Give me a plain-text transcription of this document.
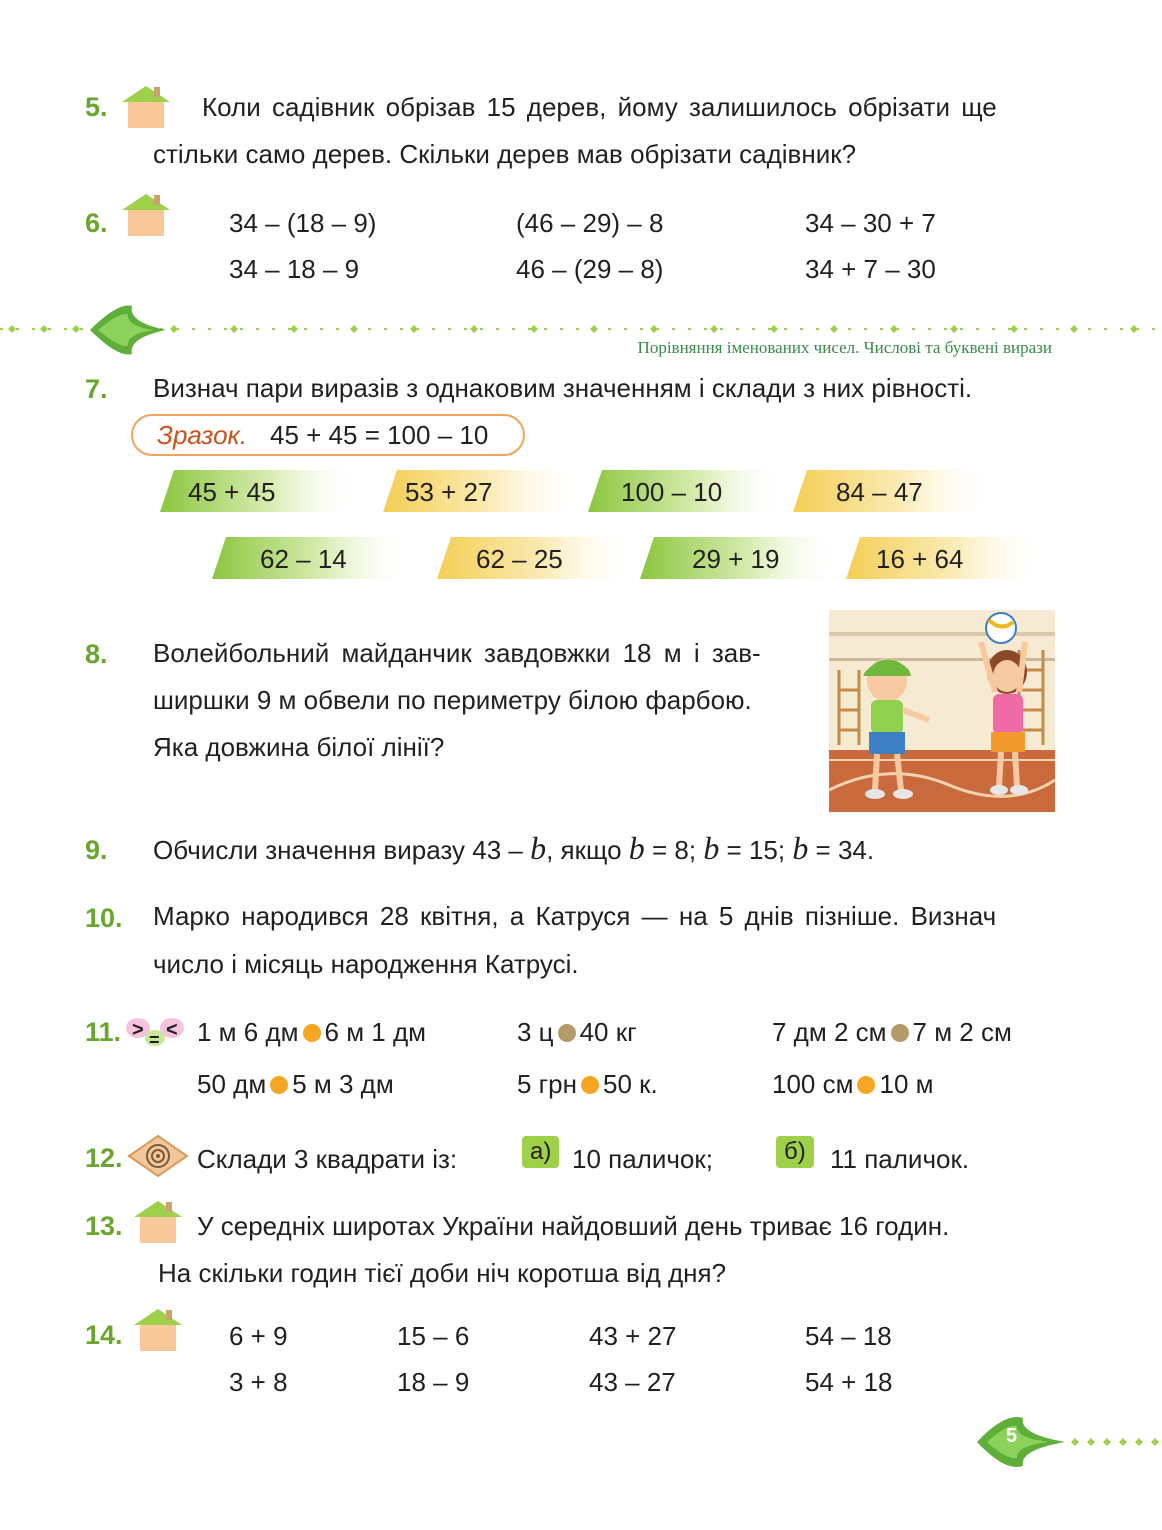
5.	Коли садівник обрізав 15 дерев, йому залишилось обрізати ще
стільки само дерев. Скільки дерев мав обрізати садівник?
6.	34 – (18 – 9)	(46 – 29) – 8	34 – 30 + 7
34 – 18 – 9	46 – (29 – 8)	34 + 7 – 30
Порівняння іменованих чисел. Числові та буквені вирази
7. Визнач пари виразів з однаковим значенням і склади з них рівності.
Зразок. 45 + 45 = 100 – 10
45 + 45	53 + 27	100 – 10	84 – 47
62 – 14	62 – 25	29 + 19	16 + 64
8. Волейбольний майданчик завдовжки 18 м і зав-
ширшки 9 м обвели по периметру білою фарбою.
Яка довжина білої лінії?
9. Обчисли значення виразу 43 – b, якщо b = 8; b = 15; b = 34.
10. Марко народився 28 квітня, а Катруся — на 5 днів пізніше. Визнач
число і місяць народження Катрусі.
11. > <
= 1 м 6 дм 6 м 1 дм	3 ц 40 кг	7 дм 2 см 7 м 2 см
50 дм 5 м 3 дм	5 грн 50 к.	100 см 10 м
12.	Склади 3 квадрати із:	а) 10 паличок;	б) 11 паличок.
13.	У середніх широтах України найдовший день триває 16 годин.
На скільки годин тієї доби ніч коротша від дня?
14.	6 + 9	15 – 6	43 + 27	54 – 18
3 + 8	18 – 9	43 – 27	54 + 18
5
